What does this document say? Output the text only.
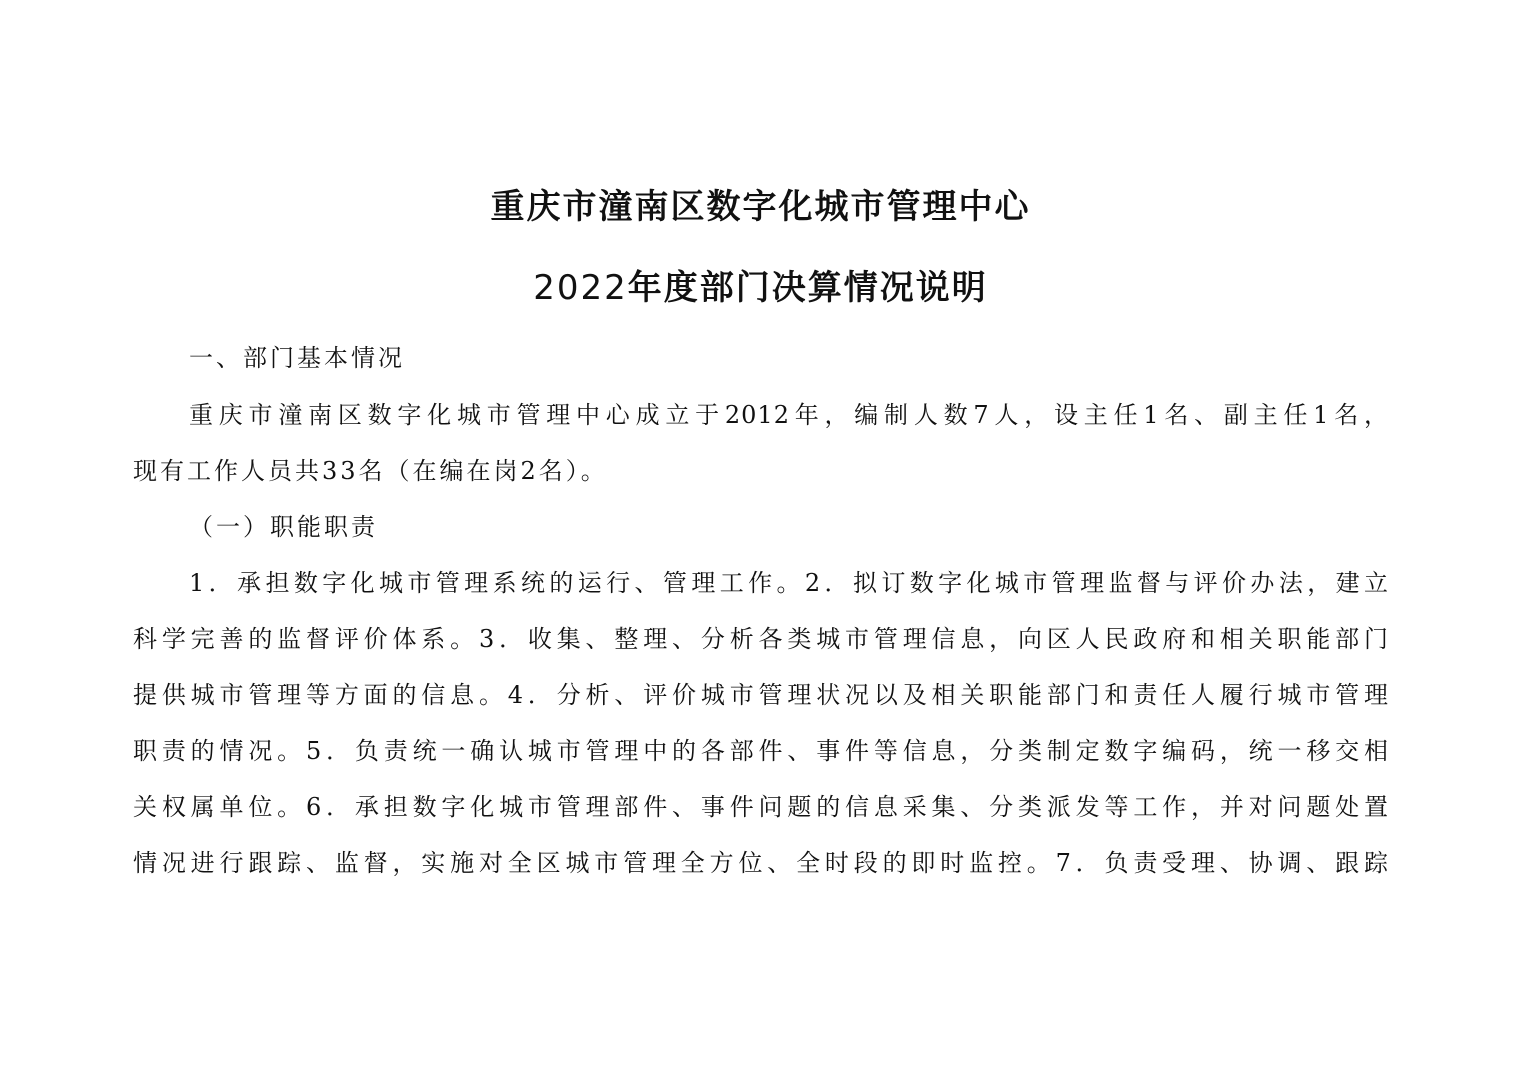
重庆市潼南区数字化城市管理中心
2022年度部门决算情况说明
一、部门基本情况
重庆市潼南区数字化城市管理中心成立于2012年，编制人数7人，设主任1名、副主任1名，
现有工作人员共33名（在编在岗2名）。
（一）职能职责
1．承担数字化城市管理系统的运行、管理工作。2．拟订数字化城市管理监督与评价办法，建立
科学完善的监督评价体系。3．收集、整理、分析各类城市管理信息，向区人民政府和相关职能部门
提供城市管理等方面的信息。4．分析、评价城市管理状况以及相关职能部门和责任人履行城市管理
职责的情况。5．负责统一确认城市管理中的各部件、事件等信息，分类制定数字编码，统一移交相
关权属单位。6．承担数字化城市管理部件、事件问题的信息采集、分类派发等工作，并对问题处置
情况进行跟踪、监督，实施对全区城市管理全方位、全时段的即时监控。7．负责受理、协调、跟踪
